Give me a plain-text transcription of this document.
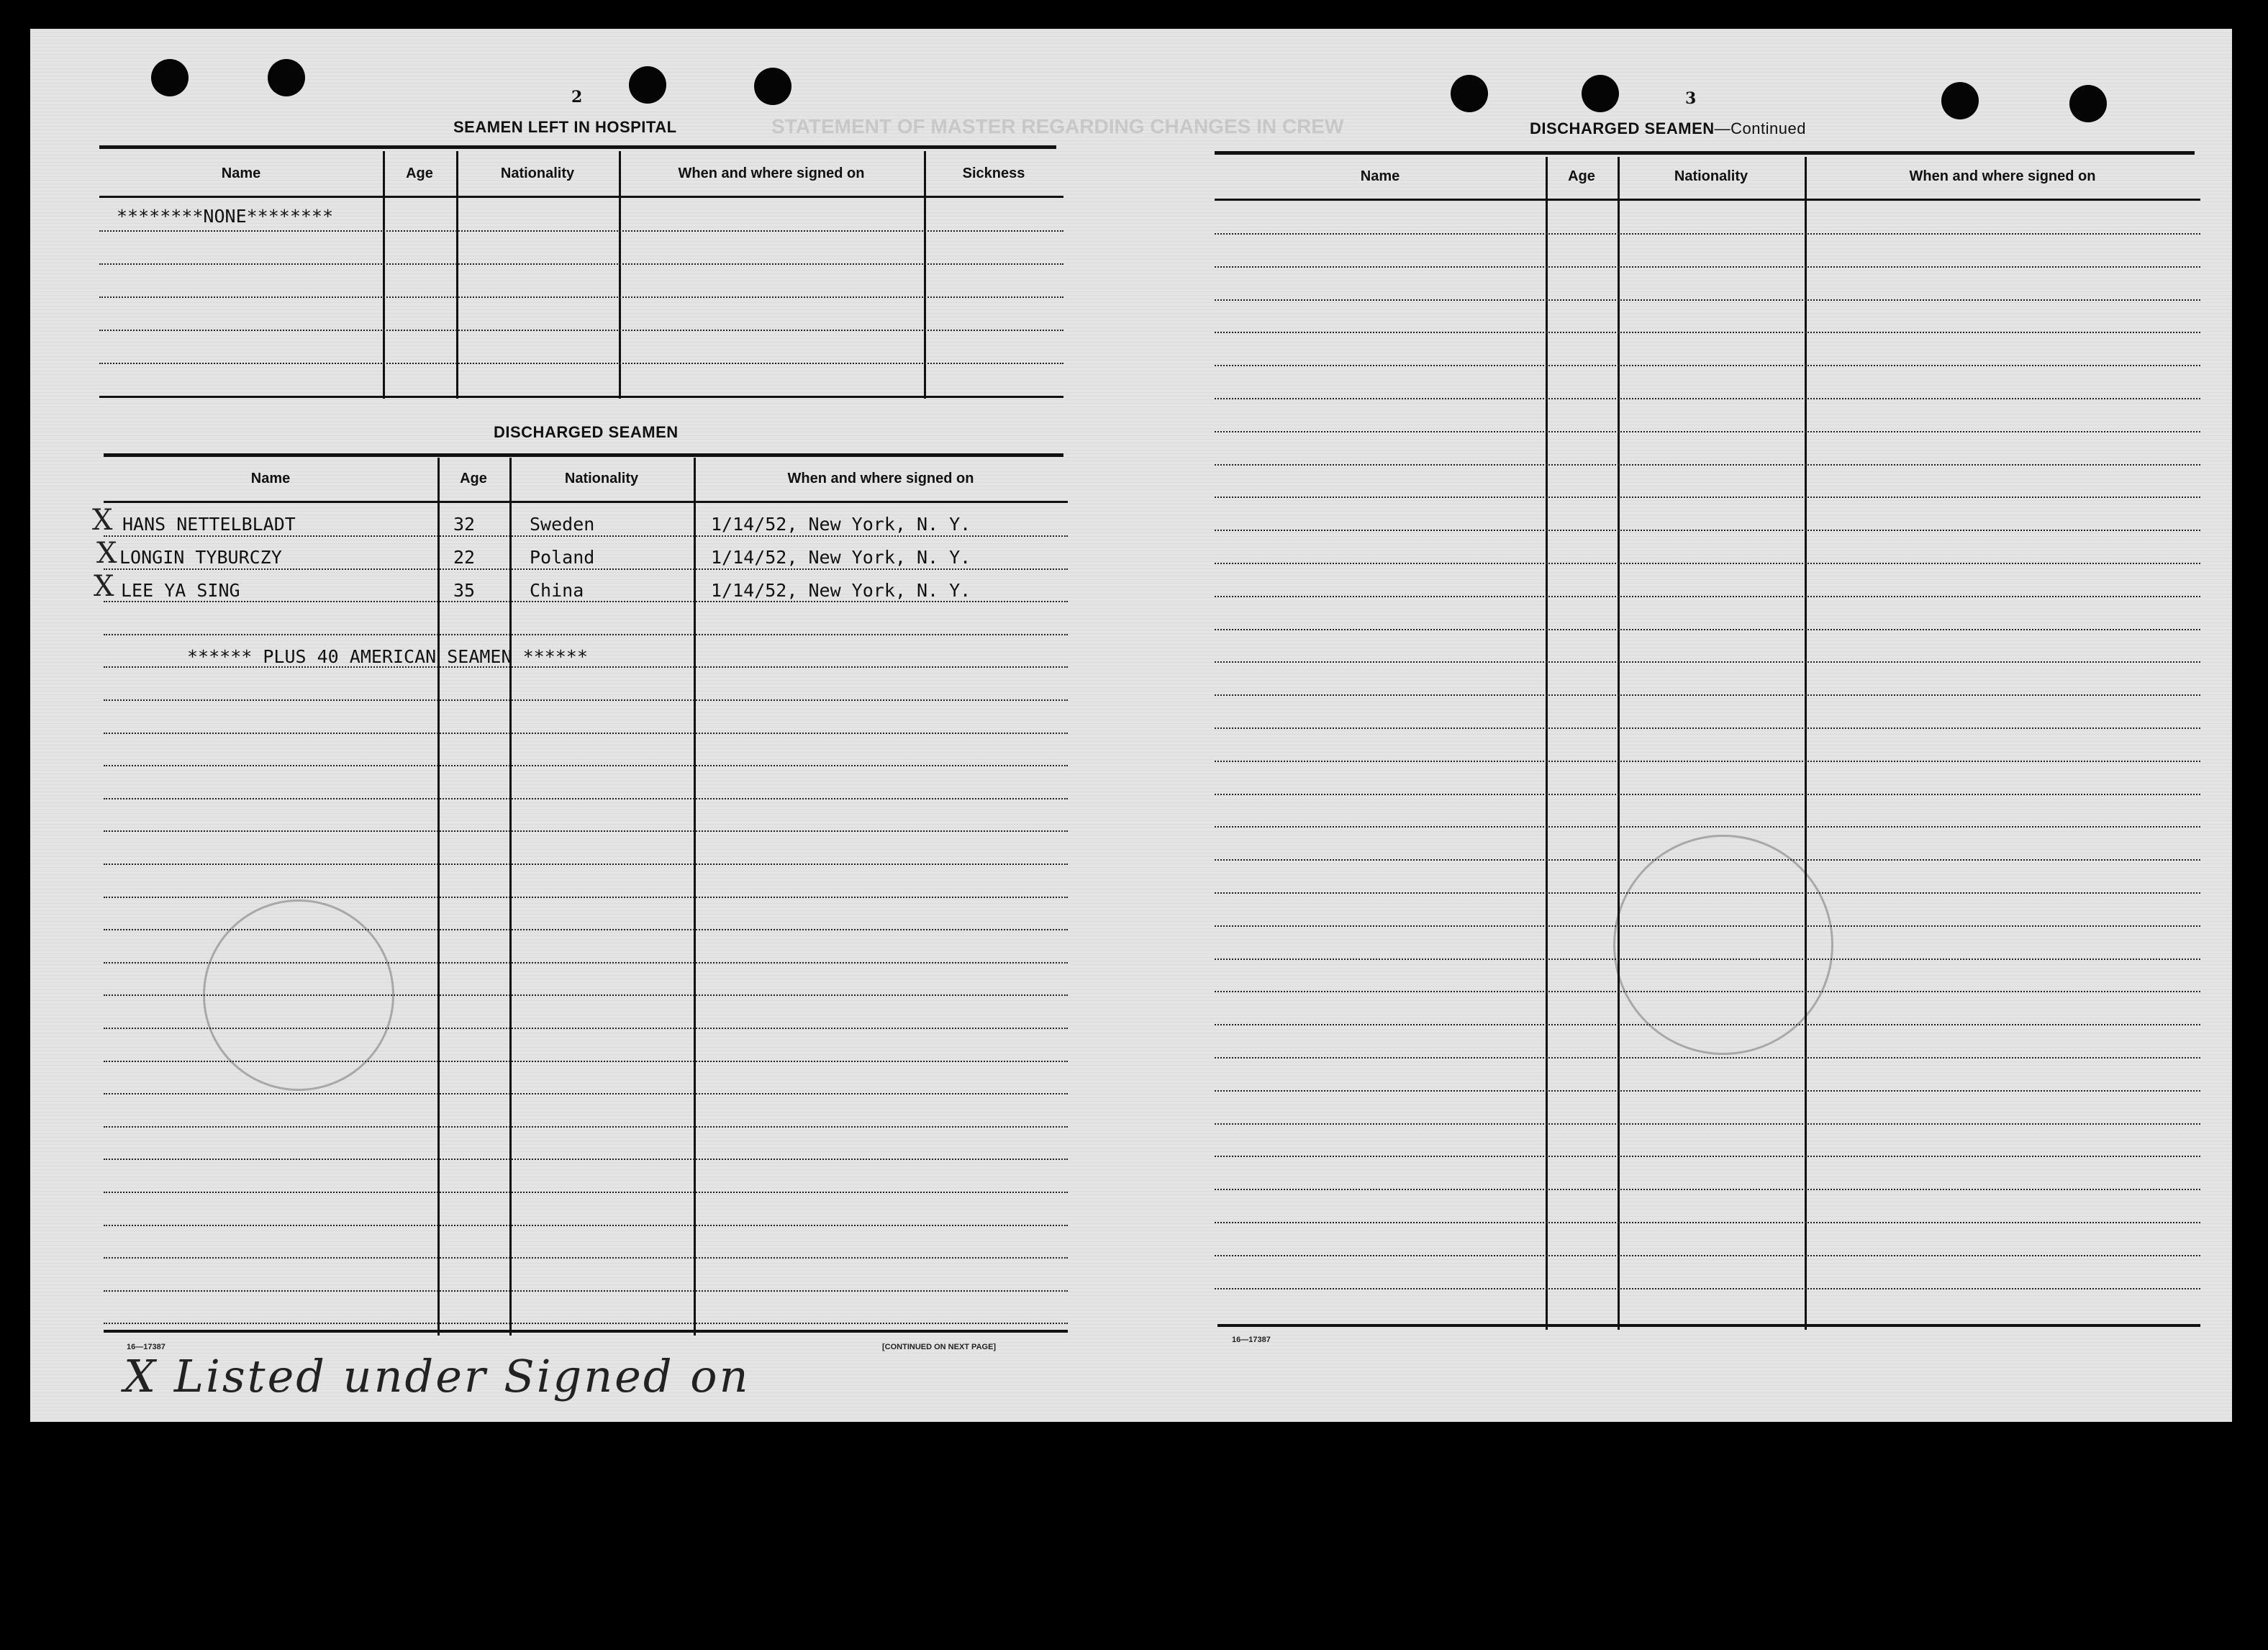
STATEMENT OF MASTER REGARDING CHANGES IN CREW
2
SEAMEN LEFT IN HOSPITAL
Name	Age	Nationality	When and where signed on	Sickness
********NONE********
DISCHARGED SEAMEN
Name	Age	Nationality	When and where signed on
X HANS NETTELBLADT	32	Sweden	1/14/52, New York, N. Y.
X LONGIN TYBURCZY	22	Poland	1/14/52, New York, N. Y.
X LEE YA SING	35	China	1/14/52, New York, N. Y.
****** PLUS 40 AMERICAN SEAMEN ******
16—17387	[CONTINUED ON NEXT PAGE]
X Listed under Signed on
3
DISCHARGED SEAMEN—Continued
Name	Age	Nationality	When and where signed on
16—17387
